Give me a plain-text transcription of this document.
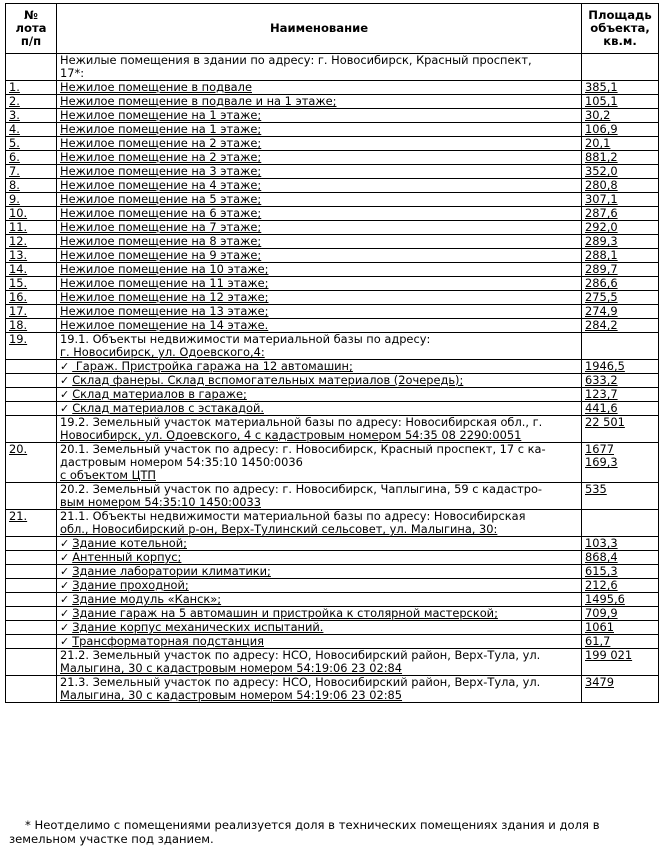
№
лота
п/п	Наименование	Площадь
объекта,
кв.м.

	Нежилые помещения в здании по адресу: г. Новосибирск, Красный проспект,
17*:	

1.	Нежилое помещение в подвале	385,1

2.	Нежилое помещение в подвале и на 1 этаже;	105,1

3.	Нежилое помещение на 1 этаже;	30,2

4.	Нежилое помещение на 1 этаже;	106,9

5.	Нежилое помещение на 2 этаже;	20,1

6.	Нежилое помещение на 2 этаже;	881,2

7.	Нежилое помещение на 3 этаже;	352,0

8.	Нежилое помещение на 4 этаже;	280,8

9.	Нежилое помещение на 5 этаже;	307,1

10.	Нежилое помещение на 6 этаже;	287,6

11.	Нежилое помещение на 7 этаже;	292,0

12.	Нежилое помещение на 8 этаже;	289,3

13.	Нежилое помещение на 9 этаже;	288,1

14.	Нежилое помещение на 10 этаже;	289,7

15.	Нежилое помещение на 11 этаже;	286,6

16.	Нежилое помещение на 12 этаже;	275,5

17.	Нежилое помещение на 13 этаже;	274,9

18.	Нежилое помещение на 14 этаже.	284,2

19.	19.1. Объекты недвижимости материальной базы по адресу:
г. Новосибирск, ул. Одоевского,4:	

	✓ Гараж. Пристройка гаража на 12 автомашин;	1946,5

	✓ Склад фанеры. Склад вспомогательных материалов (2очередь);	633,2

	✓ Склад материалов в гараже;	123,7

	✓ Склад материалов с эстакадой.	441,6

	19.2. Земельный участок материальной базы по адресу: Новосибирская обл., г.
Новосибирск, ул. Одоевского, 4 с кадастровым номером 54:35 08 2290:0051	22 501

20.	20.1. Земельный участок по адресу: г. Новосибирск, Красный проспект, 17 с ка-
дастровым номером 54:35:10 1450:0036
с объектом ЦТП	1677
169,3

	20.2. Земельный участок по адресу: г. Новосибирск, Чаплыгина, 59 с кадастро-
вым номером 54:35:10 1450:0033	535

21.	21.1. Объекты недвижимости материальной базы по адресу: Новосибирская
обл., Новосибирский р-он, Верх-Тулинский сельсовет, ул. Малыгина, 30:	

	✓ Здание котельной;	103,3

	✓ Антенный корпус;	868,4

	✓ Здание лаборатории климатики;	615,3

	✓ Здание проходной;	212,6

	✓ Здание модуль «Канск»;	1495,6

	✓ Здание гараж на 5 автомашин и пристройка к столярной мастерской;	709,9

	✓ Здание корпус механических испытаний.	1061

	✓ Трансформаторная подстанция	61,7

	21.2. Земельный участок по адресу: НСО, Новосибирский район, Верх-Тула, ул.
Малыгина, 30 с кадастровым номером 54:19:06 23 02:84	199 021

	21.3. Земельный участок по адресу: НСО, Новосибирский район, Верх-Тула, ул.
Малыгина, 30 с кадастровым номером 54:19:06 23 02:85	3479
* Неотделимо с помещениями реализуется доля в технических помещениях здания и доля в земельном участке под зданием.
